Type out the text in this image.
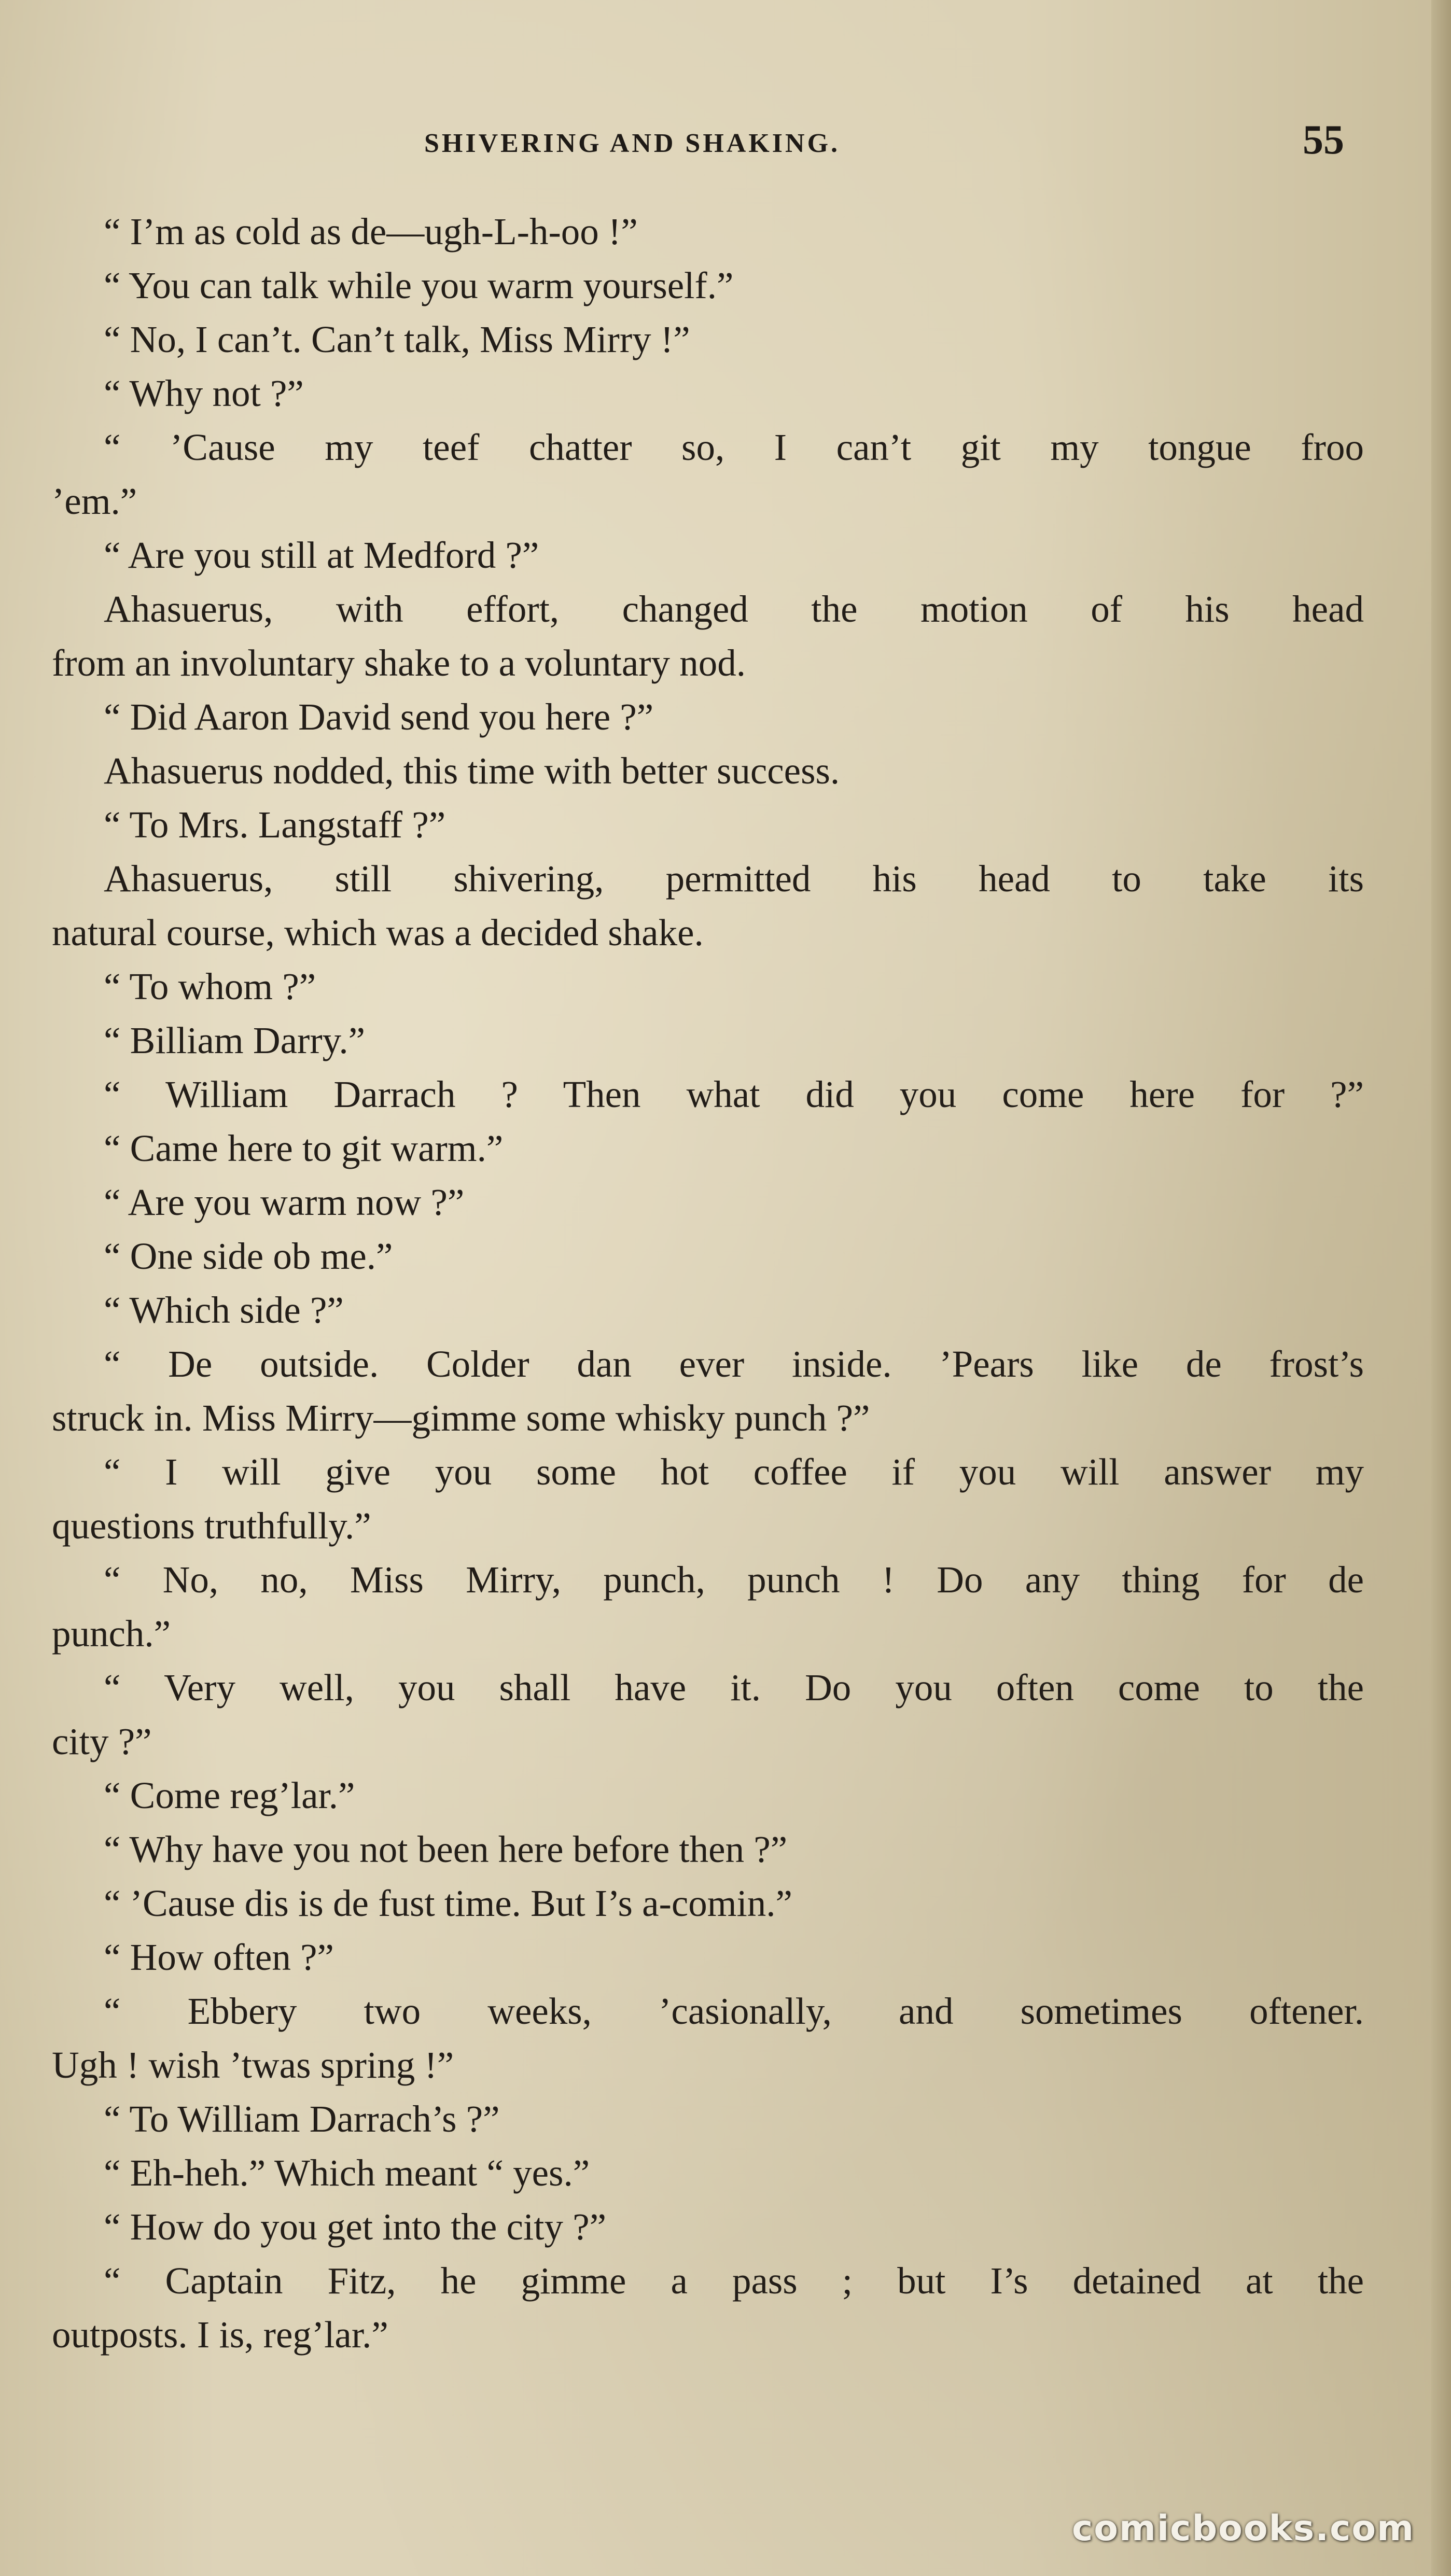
SHIVERING AND SHAKING.	55
“ I’m as cold as de—ugh-L-h-oo !”
“ You can talk while you warm yourself.”
“ No, I can’t. Can’t talk, Miss Mirry !”
“ Why not ?”
“ ’Cause my teef chatter so, I can’t git my tongue froo
’em.”
“ Are you still at Medford ?”
Ahasuerus, with effort, changed the motion of his head
from an involuntary shake to a voluntary nod.
“ Did Aaron David send you here ?”
Ahasuerus nodded, this time with better success.
“ To Mrs. Langstaff ?”
Ahasuerus, still shivering, permitted his head to take its
natural course, which was a decided shake.
“ To whom ?”
“ Billiam Darry.”
“ William Darrach ? Then what did you come here for ?”
“ Came here to git warm.”
“ Are you warm now ?”
“ One side ob me.”
“ Which side ?”
“ De outside. Colder dan ever inside. ’Pears like de frost’s
struck in. Miss Mirry—gimme some whisky punch ?”
“ I will give you some hot coffee if you will answer my
questions truthfully.”
“ No, no, Miss Mirry, punch, punch ! Do any thing for de
punch.”
“ Very well, you shall have it. Do you often come to the
city ?”
“ Come reg’lar.”
“ Why have you not been here before then ?”
“ ’Cause dis is de fust time. But I’s a-comin.”
“ How often ?”
“ Ebbery two weeks, ’casionally, and sometimes oftener.
Ugh ! wish ’twas spring !”
“ To William Darrach’s ?”
“ Eh-heh.” Which meant “ yes.”
“ How do you get into the city ?”
“ Captain Fitz, he gimme a pass ; but I’s detained at the
outposts. I is, reg’lar.”
comicbooks.com
